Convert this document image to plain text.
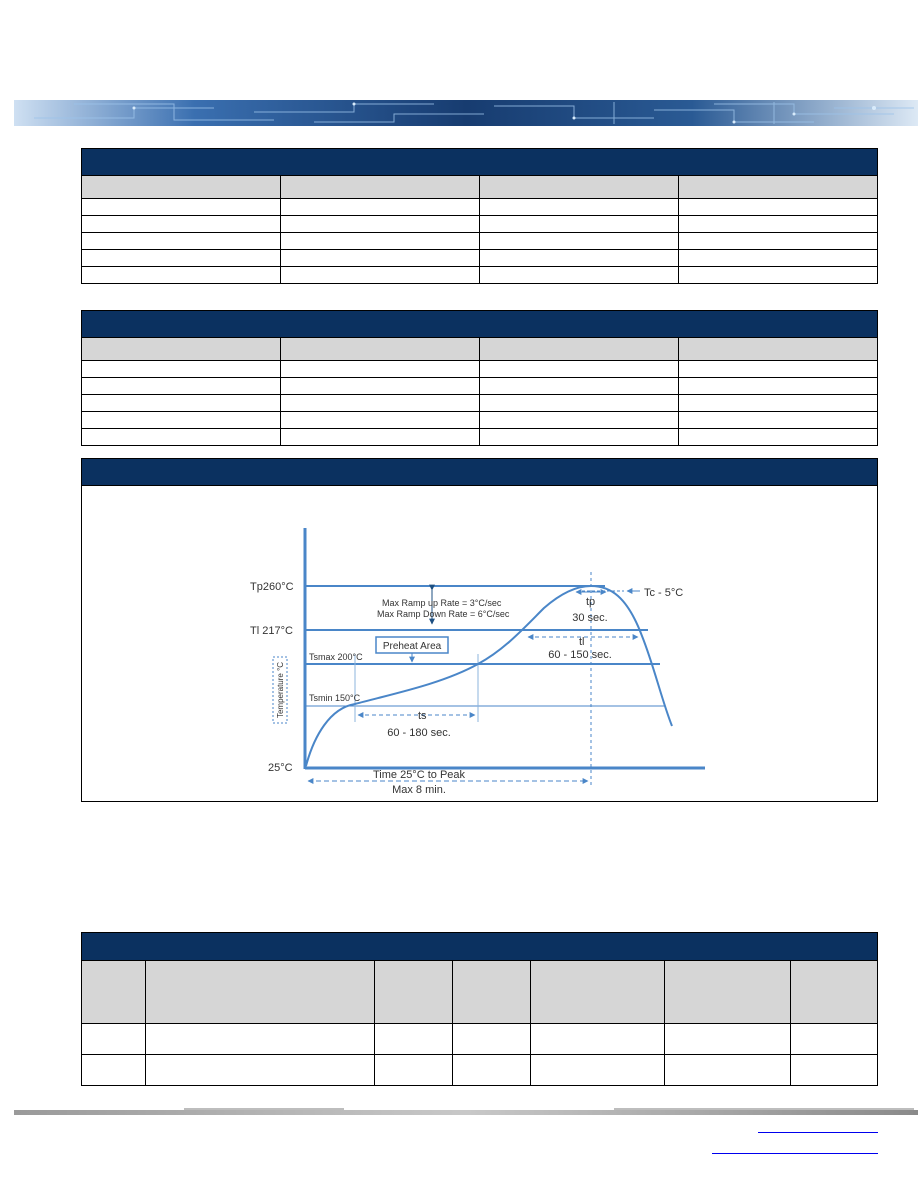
Temperature °C
Tp260°C
Tl 217°C
Tsmax 200°C
Tsmin 150°C
25°C
Max Ramp up Rate = 3°C/sec
Max Ramp Down Rate = 6°C/sec
Preheat Area
ts
60 - 180 sec.
tl
60 - 150 sec.
tp
30 sec.
Tc - 5°C
Time 25°C to Peak
Max 8 min.
